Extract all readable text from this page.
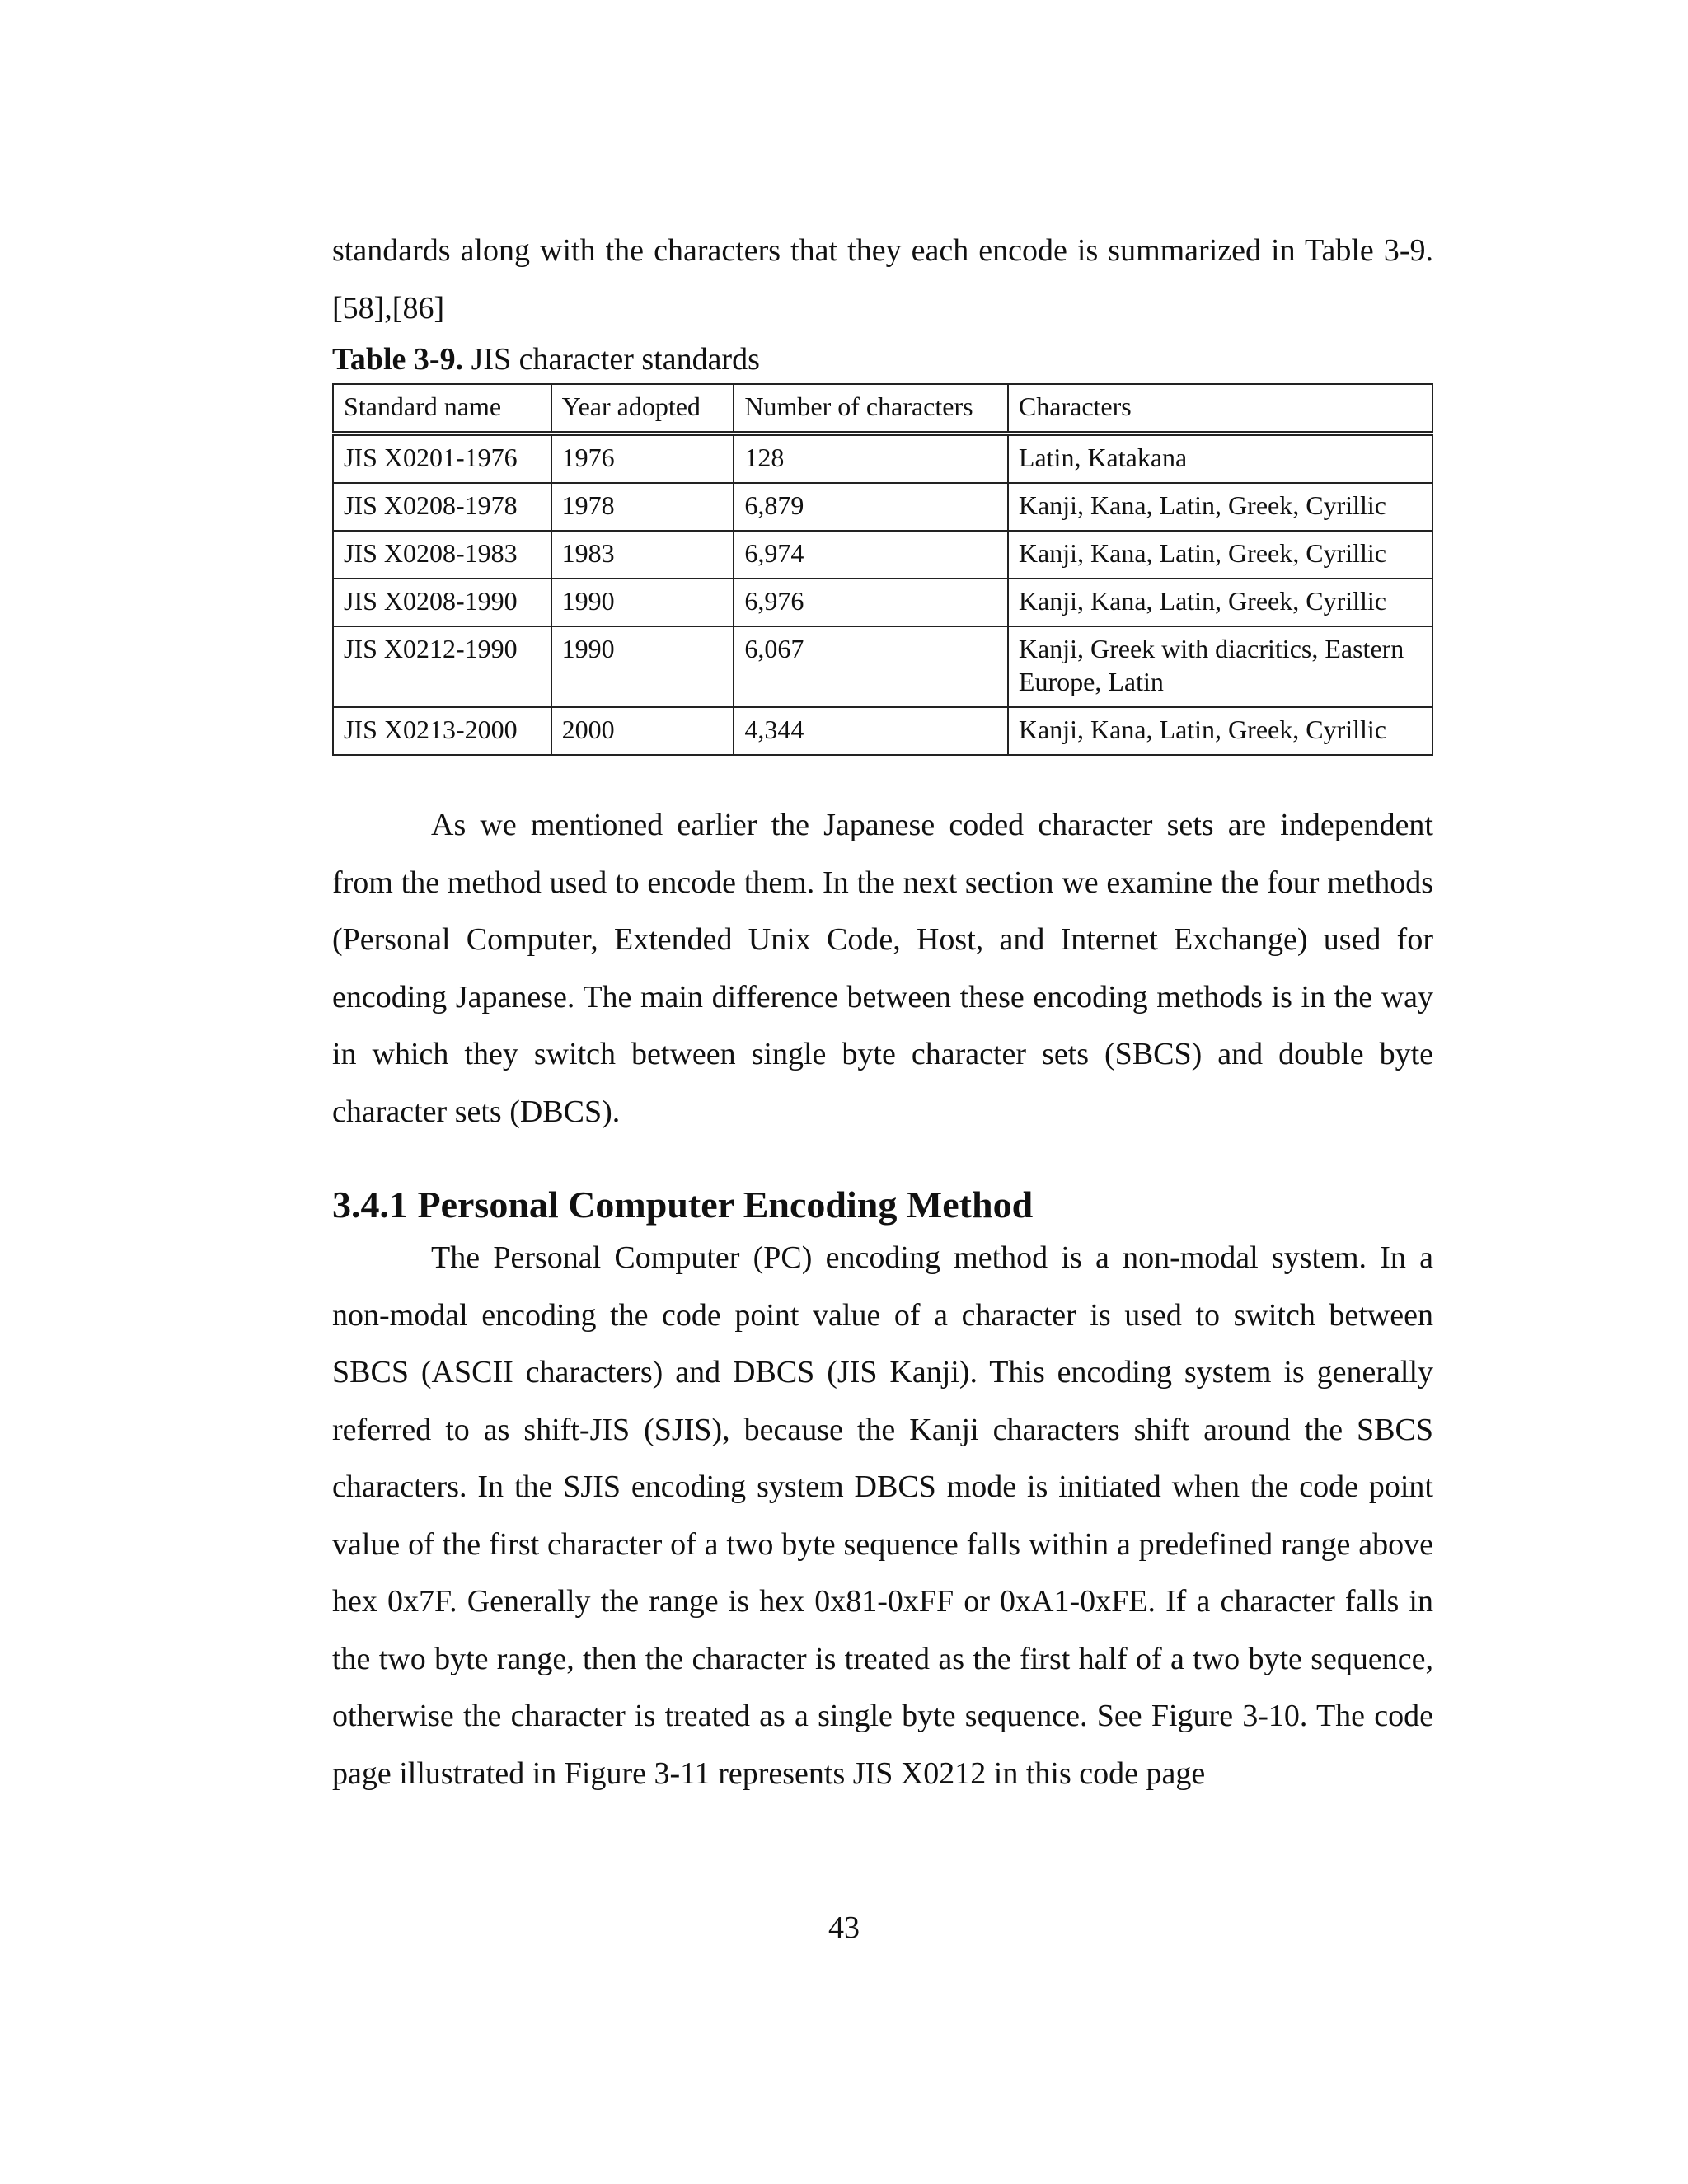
standards along with the characters that they each encode is summarized in Table 3-9. [58],[86]

Table 3-9. JIS character standards
Standard name	Year adopted	Number of characters	Characters
JIS X0201-1976	1976	128	Latin, Katakana
JIS X0208-1978	1978	6,879	Kanji, Kana, Latin, Greek, Cyrillic
JIS X0208-1983	1983	6,974	Kanji, Kana, Latin, Greek, Cyrillic
JIS X0208-1990	1990	6,976	Kanji, Kana, Latin, Greek, Cyrillic
JIS X0212-1990	1990	6,067	Kanji, Greek with diacritics, Eastern Europe, Latin
JIS X0213-2000	2000	4,344	Kanji, Kana, Latin, Greek, Cyrillic

As we mentioned earlier the Japanese coded character sets are independent from the method used to encode them. In the next section we examine the four methods (Personal Computer, Extended Unix Code, Host, and Internet Exchange) used for encoding Japanese. The main difference between these encoding methods is in the way in which they switch between single byte character sets (SBCS) and double byte character sets (DBCS).

3.4.1 Personal Computer Encoding Method

The Personal Computer (PC) encoding method is a non-modal system. In a non-modal encoding the code point value of a character is used to switch between SBCS (ASCII characters) and DBCS (JIS Kanji). This encoding system is generally referred to as shift-JIS (SJIS), because the Kanji characters shift around the SBCS characters. In the SJIS encoding system DBCS mode is initiated when the code point value of the first character of a two byte sequence falls within a predefined range above hex 0x7F. Generally the range is hex 0x81-0xFF or 0xA1-0xFE. If a character falls in the two byte range, then the character is treated as the first half of a two byte sequence, otherwise the character is treated as a single byte sequence. See Figure 3-10. The code page illustrated in Figure 3-11 represents JIS X0212 in this code page

43
